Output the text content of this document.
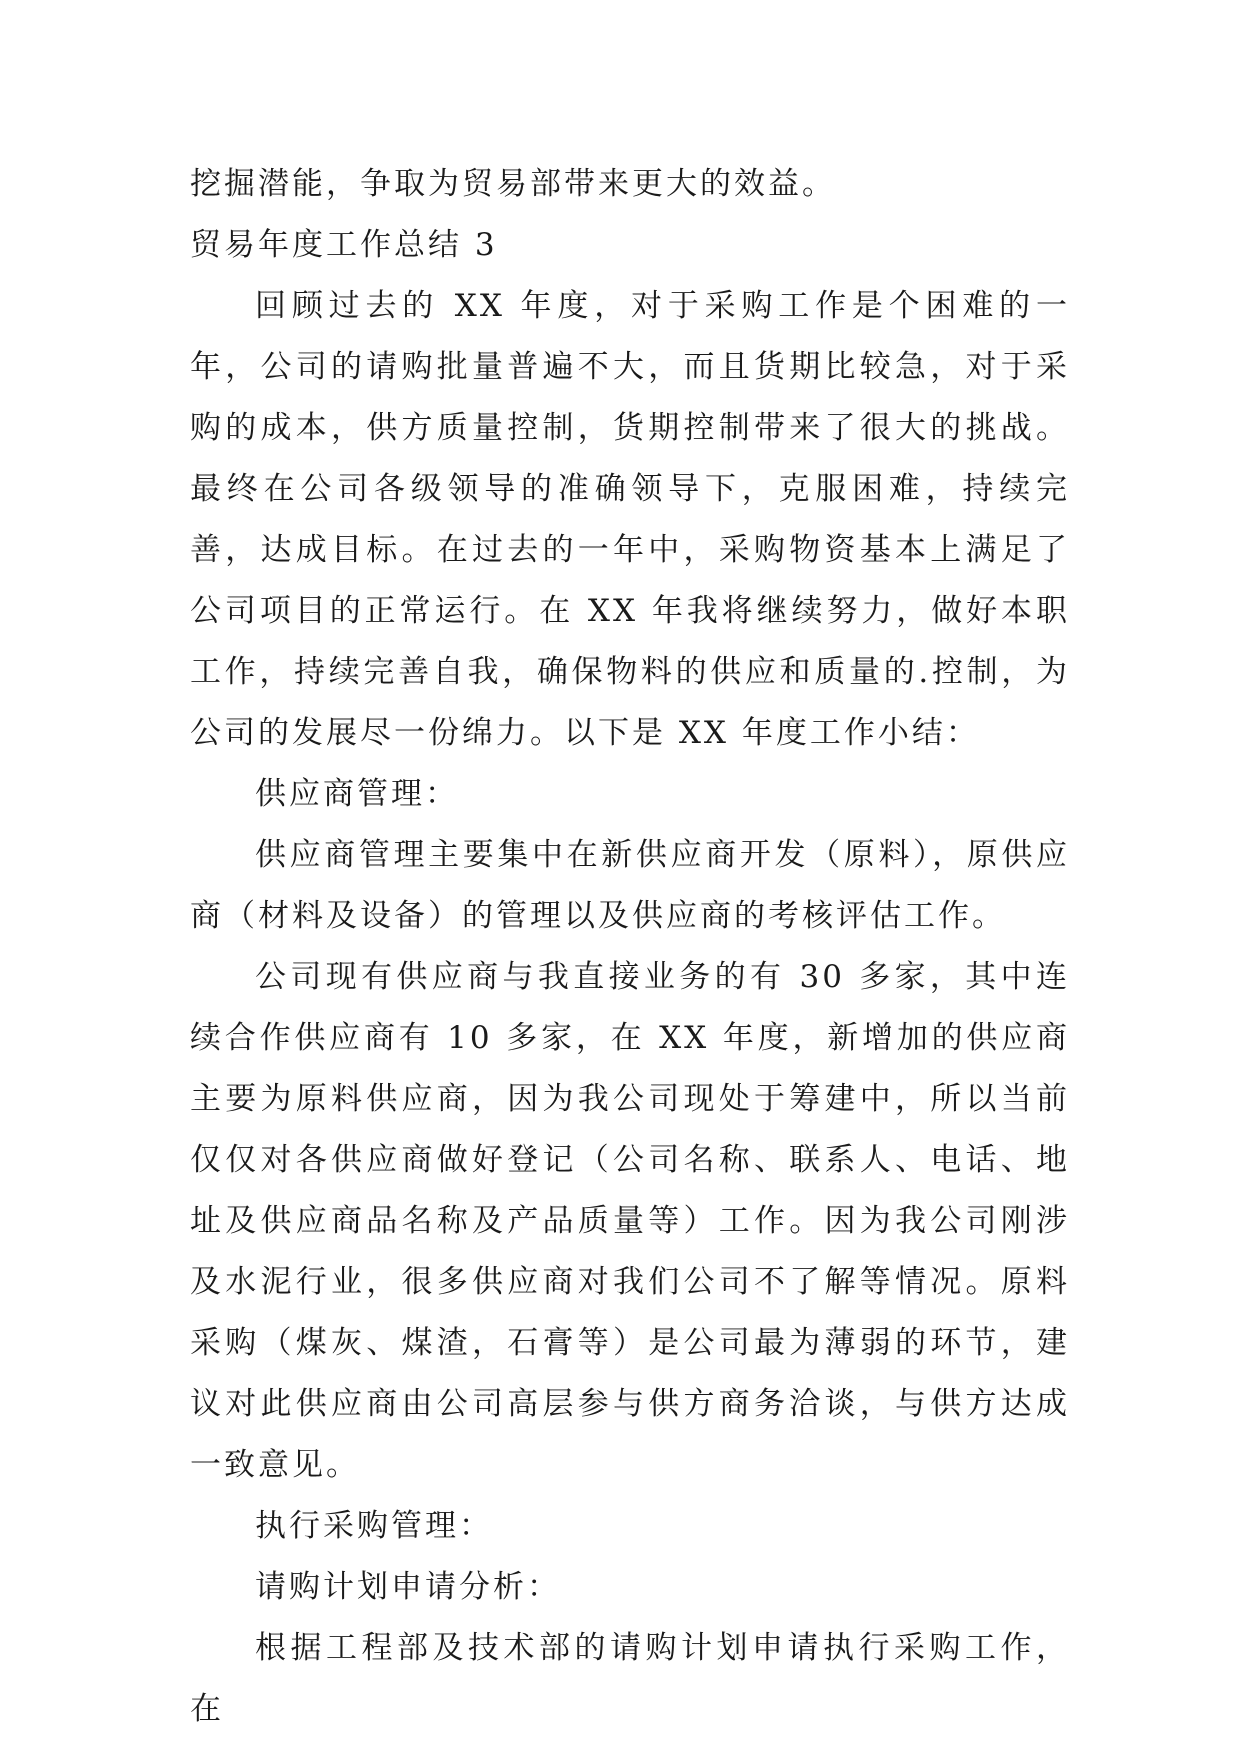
挖掘潜能，争取为贸易部带来更大的效益。

贸易年度工作总结 3

回顾过去的 XX 年度，对于采购工作是个困难的一年，公司的请购批量普遍不大，而且货期比较急，对于采购的成本，供方质量控制，货期控制带来了很大的挑战。最终在公司各级领导的准确领导下，克服困难，持续完善，达成目标。在过去的一年中，采购物资基本上满足了公司项目的正常运行。在 XX 年我将继续努力，做好本职工作，持续完善自我，确保物料的供应和质量的.控制，为公司的发展尽一份绵力。以下是 XX 年度工作小结：

供应商管理：

供应商管理主要集中在新供应商开发（原料），原供应商（材料及设备）的管理以及供应商的考核评估工作。

公司现有供应商与我直接业务的有 30 多家，其中连续合作供应商有 10 多家，在 XX 年度，新增加的供应商主要为原料供应商，因为我公司现处于筹建中，所以当前仅仅对各供应商做好登记（公司名称、联系人、电话、地址及供应商品名称及产品质量等）工作。因为我公司刚涉及水泥行业，很多供应商对我们公司不了解等情况。原料采购（煤灰、煤渣，石膏等）是公司最为薄弱的环节，建议对此供应商由公司高层参与供方商务洽谈，与供方达成一致意见。

执行采购管理：

请购计划申请分析：

根据工程部及技术部的请购计划申请执行采购工作，在
